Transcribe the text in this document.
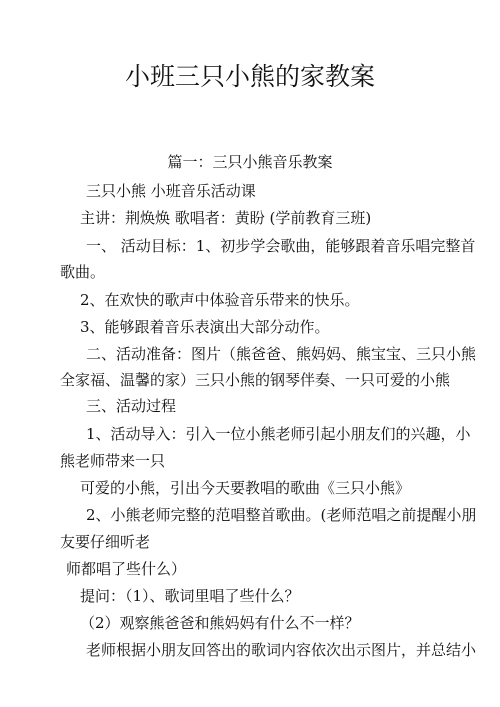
小班三只小熊的家教案
篇一：三只小熊音乐教案
三只小熊 小班音乐活动课
主讲：荆焕焕 歌唱者：黄盼 (学前教育三班)
一、 活动目标：1、初步学会歌曲，能够跟着音乐唱完整首
歌曲。
2、在欢快的歌声中体验音乐带来的快乐。
3、能够跟着音乐表演出大部分动作。
二、活动准备：图片（熊爸爸、熊妈妈、熊宝宝、三只小熊
全家福、温馨的家）三只小熊的钢琴伴奏、一只可爱的小熊
三、活动过程
1、活动导入：引入一位小熊老师引起小朋友们的兴趣，小
熊老师带来一只
可爱的小熊，引出今天要教唱的歌曲《三只小熊》
2、小熊老师完整的范唱整首歌曲。(老师范唱之前提醒小朋
友要仔细听老
师都唱了些什么）
提问：（1）、歌词里唱了些什么？
（2）观察熊爸爸和熊妈妈有什么不一样？
老师根据小朋友回答出的歌词内容依次出示图片，并总结小
